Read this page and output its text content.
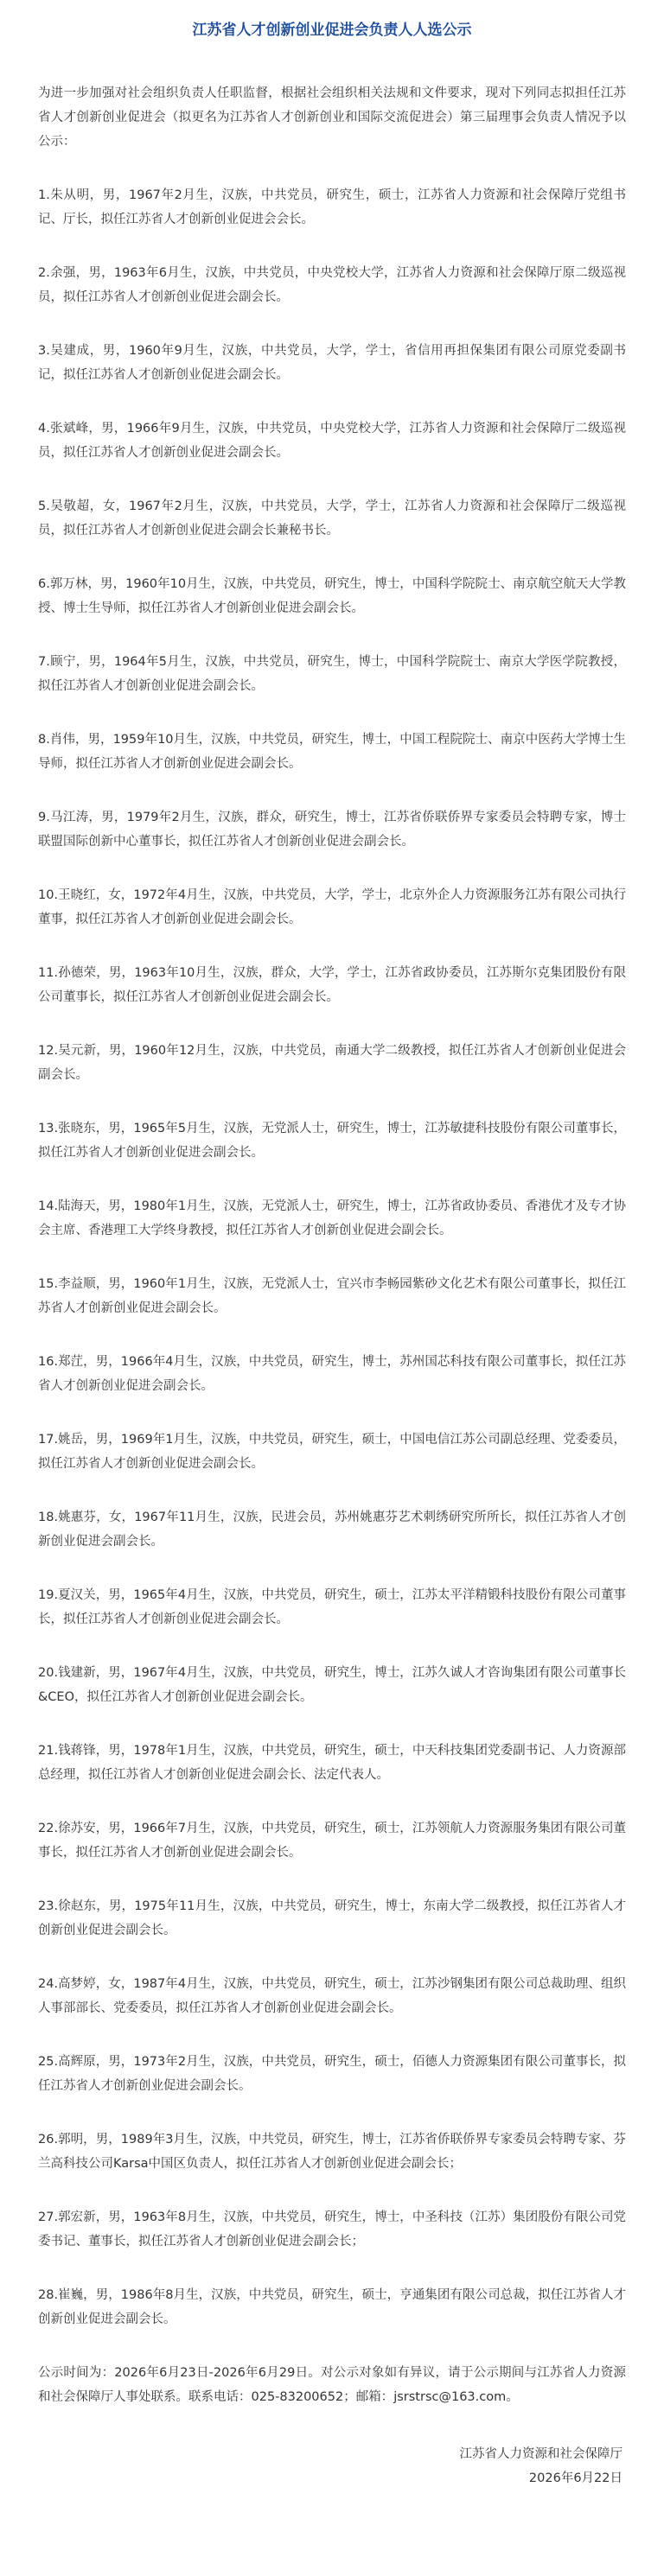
江苏省人才创新创业促进会负责人人选公示

为进一步加强对社会组织负责人任职监督，根据社会组织相关法规和文件要求，现对下列同志拟担任江苏省人才创新创业促进会（拟更名为江苏省人才创新创业和国际交流促进会）第三届理事会负责人情况予以公示：

1.朱从明，男，1967年2月生，汉族，中共党员，研究生，硕士，江苏省人力资源和社会保障厅党组书记、厅长，拟任江苏省人才创新创业促进会会长。

2.余强，男，1963年6月生，汉族，中共党员，中央党校大学，江苏省人力资源和社会保障厅原二级巡视员，拟任江苏省人才创新创业促进会副会长。

3.吴建成，男，1960年9月生，汉族，中共党员，大学，学士，省信用再担保集团有限公司原党委副书记，拟任江苏省人才创新创业促进会副会长。

4.张斌峰，男，1966年9月生，汉族，中共党员，中央党校大学，江苏省人力资源和社会保障厅二级巡视员，拟任江苏省人才创新创业促进会副会长。

5.吴敬超，女，1967年2月生，汉族，中共党员，大学，学士，江苏省人力资源和社会保障厅二级巡视员，拟任江苏省人才创新创业促进会副会长兼秘书长。

6.郭万林，男，1960年10月生，汉族，中共党员，研究生，博士，中国科学院院士、南京航空航天大学教授、博士生导师，拟任江苏省人才创新创业促进会副会长。

7.顾宁，男，1964年5月生，汉族，中共党员，研究生，博士，中国科学院院士、南京大学医学院教授，拟任江苏省人才创新创业促进会副会长。

8.肖伟，男，1959年10月生，汉族，中共党员，研究生，博士，中国工程院院士、南京中医药大学博士生导师，拟任江苏省人才创新创业促进会副会长。

9.马江涛，男，1979年2月生，汉族，群众，研究生，博士，江苏省侨联侨界专家委员会特聘专家，博士联盟国际创新中心董事长，拟任江苏省人才创新创业促进会副会长。

10.王晓红，女，1972年4月生，汉族，中共党员，大学，学士，北京外企人力资源服务江苏有限公司执行董事，拟任江苏省人才创新创业促进会副会长。

11.孙德荣，男，1963年10月生，汉族，群众，大学，学士，江苏省政协委员，江苏斯尔克集团股份有限公司董事长，拟任江苏省人才创新创业促进会副会长。

12.吴元新，男，1960年12月生，汉族，中共党员，南通大学二级教授，拟任江苏省人才创新创业促进会副会长。

13.张晓东，男，1965年5月生，汉族，无党派人士，研究生，博士，江苏敏捷科技股份有限公司董事长，拟任江苏省人才创新创业促进会副会长。

14.陆海天，男，1980年1月生，汉族，无党派人士，研究生，博士，江苏省政协委员、香港优才及专才协会主席、香港理工大学终身教授，拟任江苏省人才创新创业促进会副会长。

15.李益顺，男，1960年1月生，汉族，无党派人士，宜兴市李畅园紫砂文化艺术有限公司董事长，拟任江苏省人才创新创业促进会副会长。

16.郑茳，男，1966年4月生，汉族，中共党员，研究生，博士，苏州国芯科技有限公司董事长，拟任江苏省人才创新创业促进会副会长。

17.姚岳，男，1969年1月生，汉族，中共党员，研究生，硕士，中国电信江苏公司副总经理、党委委员，拟任江苏省人才创新创业促进会副会长。

18.姚惠芬，女，1967年11月生，汉族，民进会员，苏州姚惠芬艺术刺绣研究所所长，拟任江苏省人才创新创业促进会副会长。

19.夏汉关，男，1965年4月生，汉族，中共党员，研究生，硕士，江苏太平洋精锻科技股份有限公司董事长，拟任江苏省人才创新创业促进会副会长。

20.钱建新，男，1967年4月生，汉族，中共党员，研究生，博士，江苏久诚人才咨询集团有限公司董事长&CEO，拟任江苏省人才创新创业促进会副会长。

21.钱蒋锋，男，1978年1月生，汉族，中共党员，研究生，硕士，中天科技集团党委副书记、人力资源部总经理，拟任江苏省人才创新创业促进会副会长、法定代表人。

22.徐苏安，男，1966年7月生，汉族，中共党员，研究生，硕士，江苏领航人力资源服务集团有限公司董事长，拟任江苏省人才创新创业促进会副会长。

23.徐赵东，男，1975年11月生，汉族，中共党员，研究生，博士，东南大学二级教授，拟任江苏省人才创新创业促进会副会长。

24.高梦婷，女，1987年4月生，汉族，中共党员，研究生，硕士，江苏沙钢集团有限公司总裁助理、组织人事部部长、党委委员，拟任江苏省人才创新创业促进会副会长。

25.高辉原，男，1973年2月生，汉族，中共党员，研究生，硕士，佰德人力资源集团有限公司董事长，拟任江苏省人才创新创业促进会副会长。

26.郭明，男，1989年3月生，汉族，中共党员，研究生，博士，江苏省侨联侨界专家委员会特聘专家、芬兰高科技公司Karsa中国区负责人，拟任江苏省人才创新创业促进会副会长；

27.郭宏新，男，1963年8月生，汉族，中共党员，研究生，博士，中圣科技（江苏）集团股份有限公司党委书记、董事长，拟任江苏省人才创新创业促进会副会长；

28.崔巍，男，1986年8月生，汉族，中共党员，研究生，硕士，亨通集团有限公司总裁，拟任江苏省人才创新创业促进会副会长。

公示时间为：2026年6月23日-2026年6月29日。对公示对象如有异议，请于公示期间与江苏省人力资源和社会保障厅人事处联系。联系电话：025-83200652；邮箱：jsrstrsc@163.com。

江苏省人力资源和社会保障厅
2026年6月22日
